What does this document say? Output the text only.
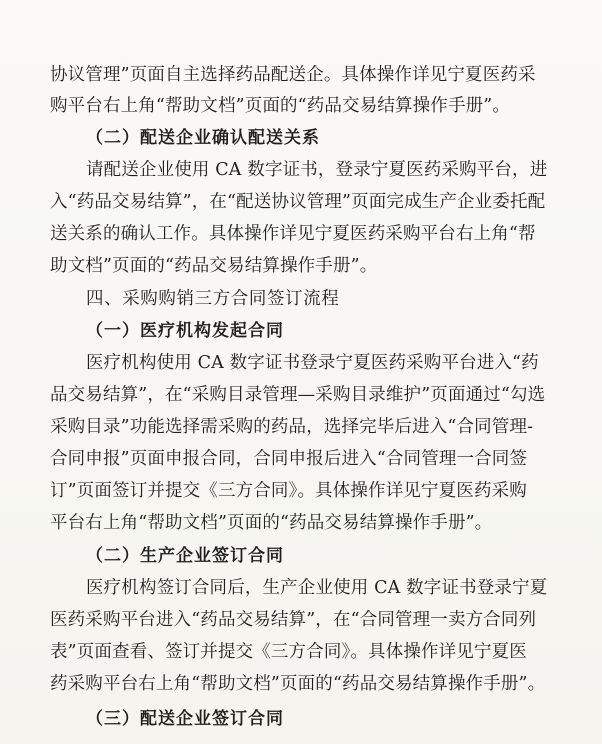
协议管理”页面自主选择药品配送企。具体操作详见宁夏医药采
购平台右上角“帮助文档”页面的“药品交易结算操作手册”。
（二）配送企业确认配送关系
请配送企业使用 CA 数字证书，登录宁夏医药采购平台，进
入“药品交易结算”，在“配送协议管理”页面完成生产企业委托配
送关系的确认工作。具体操作详见宁夏医药采购平台右上角“帮
助文档”页面的“药品交易结算操作手册”。
四、采购购销三方合同签订流程
（一）医疗机构发起合同
医疗机构使用 CA 数字证书登录宁夏医药采购平台进入“药
品交易结算”，在“采购目录管理—采购目录维护”页面通过“勾选
采购目录”功能选择需采购的药品，选择完毕后进入“合同管理-
合同申报”页面申报合同，合同申报后进入“合同管理一合同签
订”页面签订并提交《三方合同》。具体操作详见宁夏医药采购
平台右上角“帮助文档”页面的“药品交易结算操作手册”。
（二）生产企业签订合同
医疗机构签订合同后，生产企业使用 CA 数字证书登录宁夏
医药采购平台进入“药品交易结算”，在“合同管理一卖方合同列
表”页面查看、签订并提交《三方合同》。具体操作详见宁夏医
药采购平台右上角“帮助文档”页面的“药品交易结算操作手册”。
（三）配送企业签订合同
